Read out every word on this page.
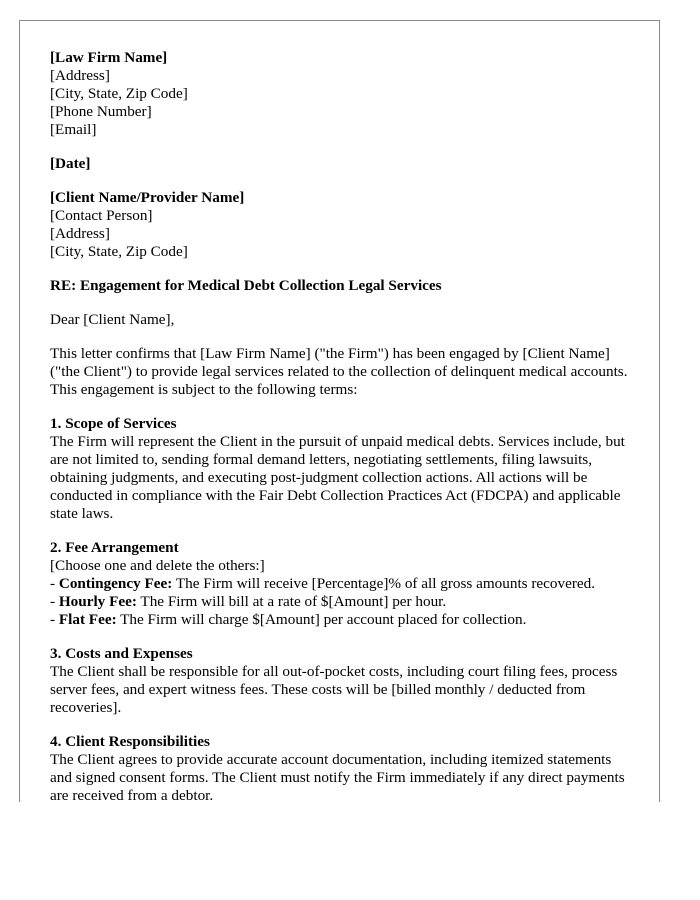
[Law Firm Name]
[Address]
[City, State, Zip Code]
[Phone Number]
[Email]
[Date]
[Client Name/Provider Name]
[Contact Person]
[Address]
[City, State, Zip Code]
RE: Engagement for Medical Debt Collection Legal Services
Dear [Client Name],

This letter confirms that [Law Firm Name] ("the Firm") has been engaged by [Client Name] ("the Client") to provide legal services related to the collection of delinquent medical accounts. This engagement is subject to the following terms:

1. Scope of Services

The Firm will represent the Client in the pursuit of unpaid medical debts. Services include, but are not limited to, sending formal demand letters, negotiating settlements, filing lawsuits, obtaining judgments, and executing post-judgment collection actions. All actions will be conducted in compliance with the Fair Debt Collection Practices Act (FDCPA) and applicable state laws.

2. Fee Arrangement
[Choose one and delete the others:]
- Contingency Fee: The Firm will receive [Percentage]% of all gross amounts recovered.
- Hourly Fee: The Firm will bill at a rate of $[Amount] per hour.
- Flat Fee: The Firm will charge $[Amount] per account placed for collection.
3. Costs and Expenses

The Client shall be responsible for all out-of-pocket costs, including court filing fees, process server fees, and expert witness fees. These costs will be [billed monthly / deducted from recoveries].

4. Client Responsibilities

The Client agrees to provide accurate account documentation, including itemized statements and signed consent forms. The Client must notify the Firm immediately if any direct payments are received from a debtor.
